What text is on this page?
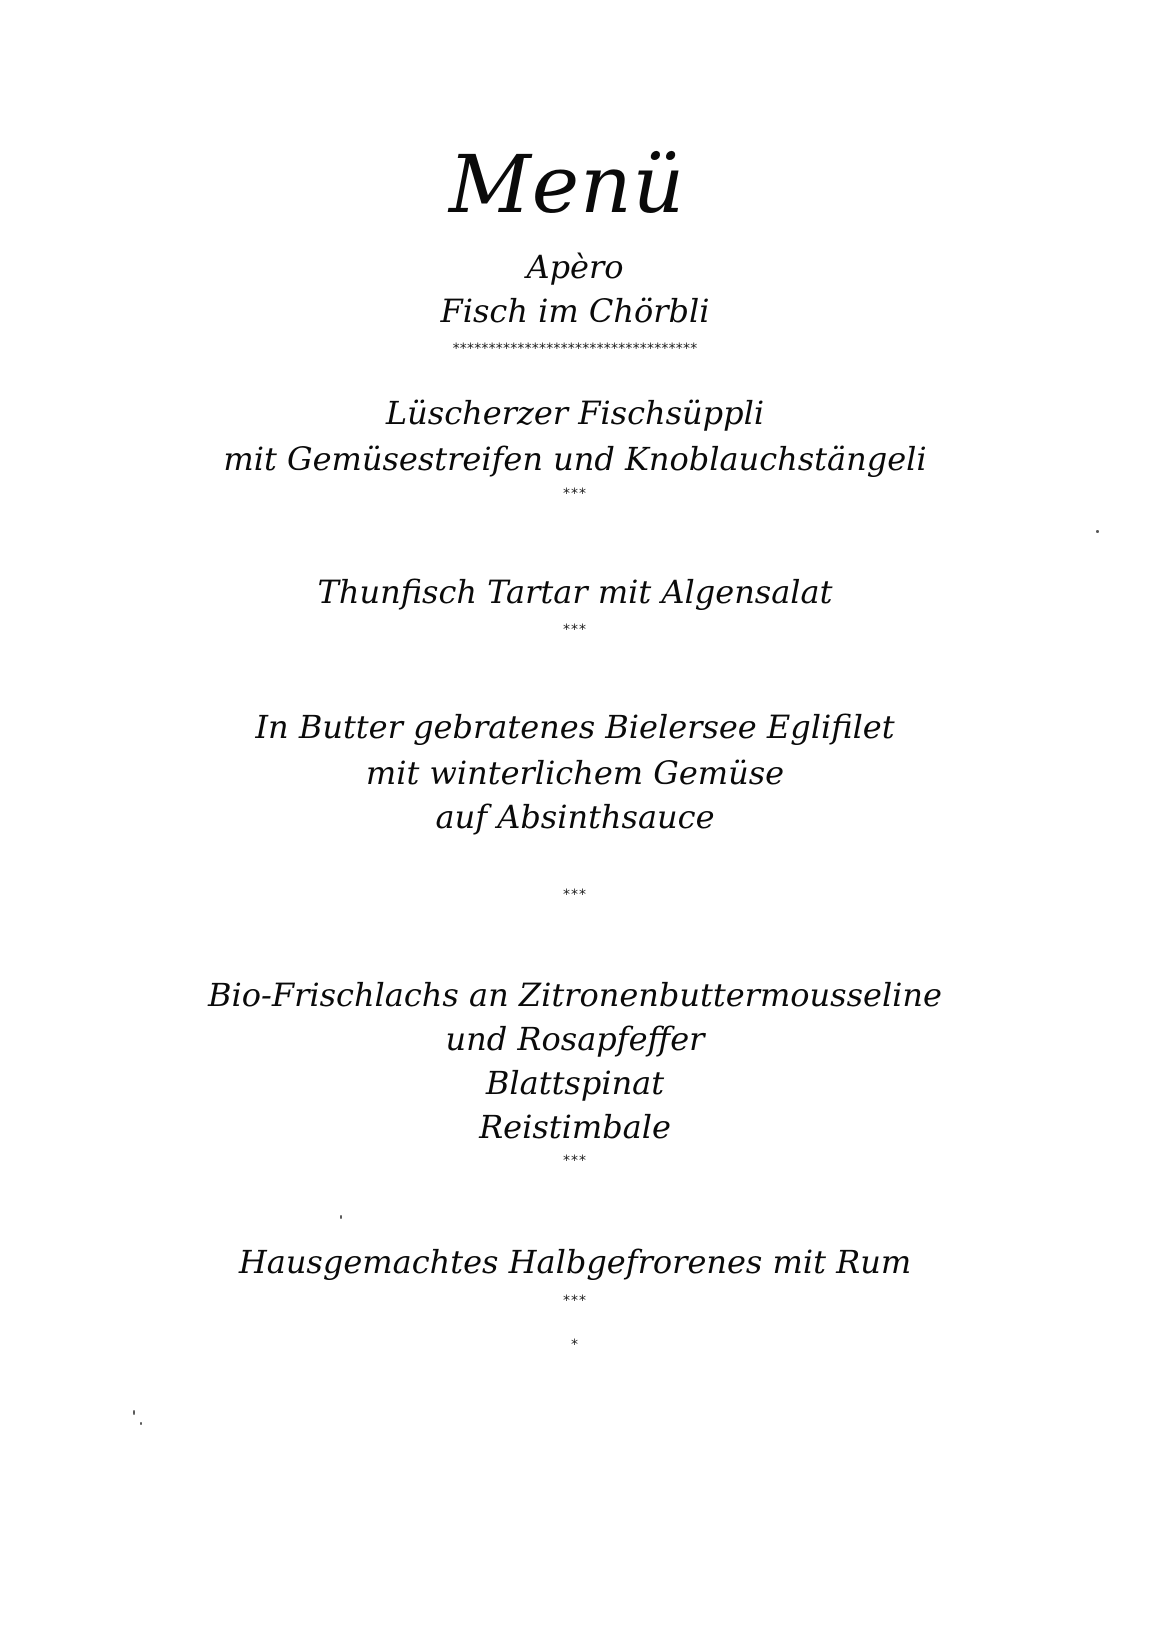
Menü
Apèro
Fisch im Chörbli
**********************************
Lüscherzer Fischsüppli
mit Gemüsestreifen und Knoblauchstängeli
***
Thunfisch Tartar mit Algensalat
***
In Butter gebratenes Bielersee Eglifilet
mit winterlichem Gemüse
auf Absinthsauce
***
Bio-Frischlachs an Zitronenbuttermousseline
und Rosapfeffer
Blattspinat
Reistimbale
***
Hausgemachtes Halbgefrorenes mit Rum
***
*
